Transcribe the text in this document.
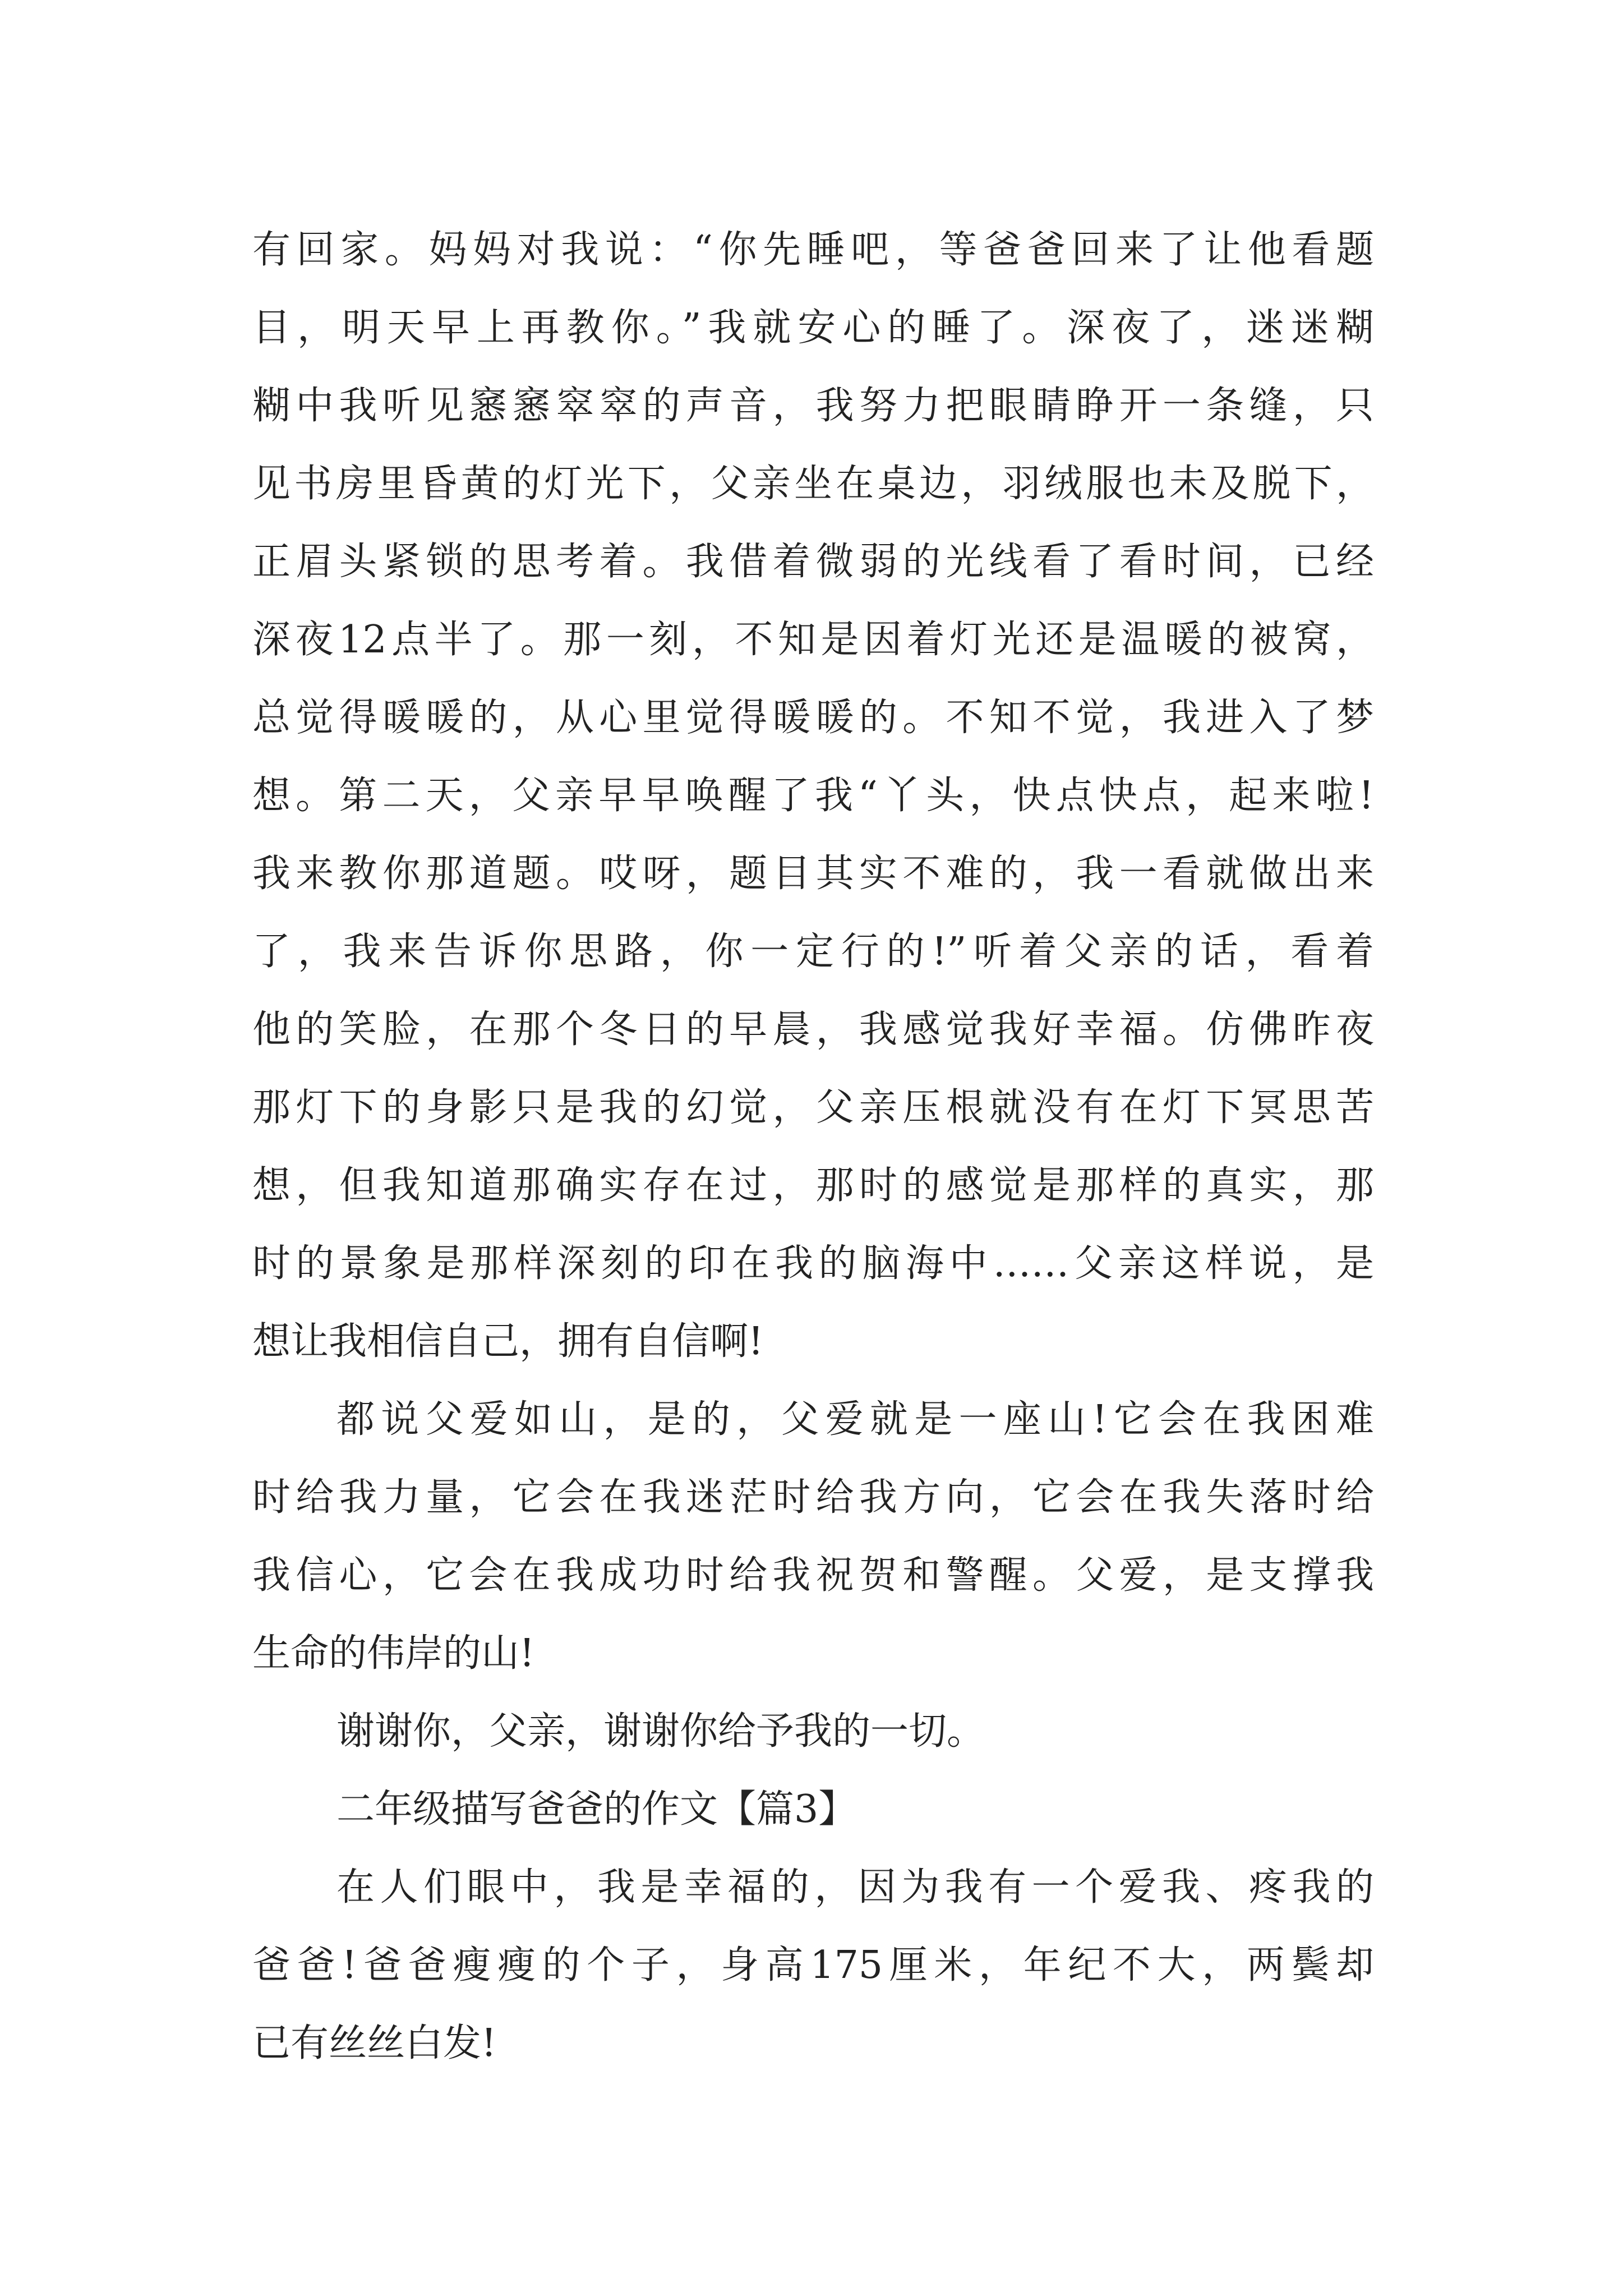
有回家。妈妈对我说：“你先睡吧，等爸爸回来了让他看题
目，明天早上再教你。”我就安心的睡了。深夜了，迷迷糊
糊中我听见窸窸窣窣的声音，我努力把眼睛睁开一条缝，只
见书房里昏黄的灯光下，父亲坐在桌边，羽绒服也未及脱下，
正眉头紧锁的思考着。我借着微弱的光线看了看时间，已经
深夜12点半了。那一刻，不知是因着灯光还是温暖的被窝，
总觉得暖暖的，从心里觉得暖暖的。不知不觉，我进入了梦
想。第二天，父亲早早唤醒了我“丫头，快点快点，起来啦!
我来教你那道题。哎呀，题目其实不难的，我一看就做出来
了，我来告诉你思路，你一定行的!”听着父亲的话，看着
他的笑脸，在那个冬日的早晨，我感觉我好幸福。仿佛昨夜
那灯下的身影只是我的幻觉，父亲压根就没有在灯下冥思苦
想，但我知道那确实存在过，那时的感觉是那样的真实，那
时的景象是那样深刻的印在我的脑海中……父亲这样说，是
想让我相信自己，拥有自信啊!
都说父爱如山，是的，父爱就是一座山!它会在我困难
时给我力量，它会在我迷茫时给我方向，它会在我失落时给
我信心，它会在我成功时给我祝贺和警醒。父爱，是支撑我
生命的伟岸的山!
谢谢你，父亲，谢谢你给予我的一切。
二年级描写爸爸的作文【篇3】
在人们眼中，我是幸福的，因为我有一个爱我、疼我的
爸爸!爸爸瘦瘦的个子，身高175厘米，年纪不大，两鬓却
已有丝丝白发!
